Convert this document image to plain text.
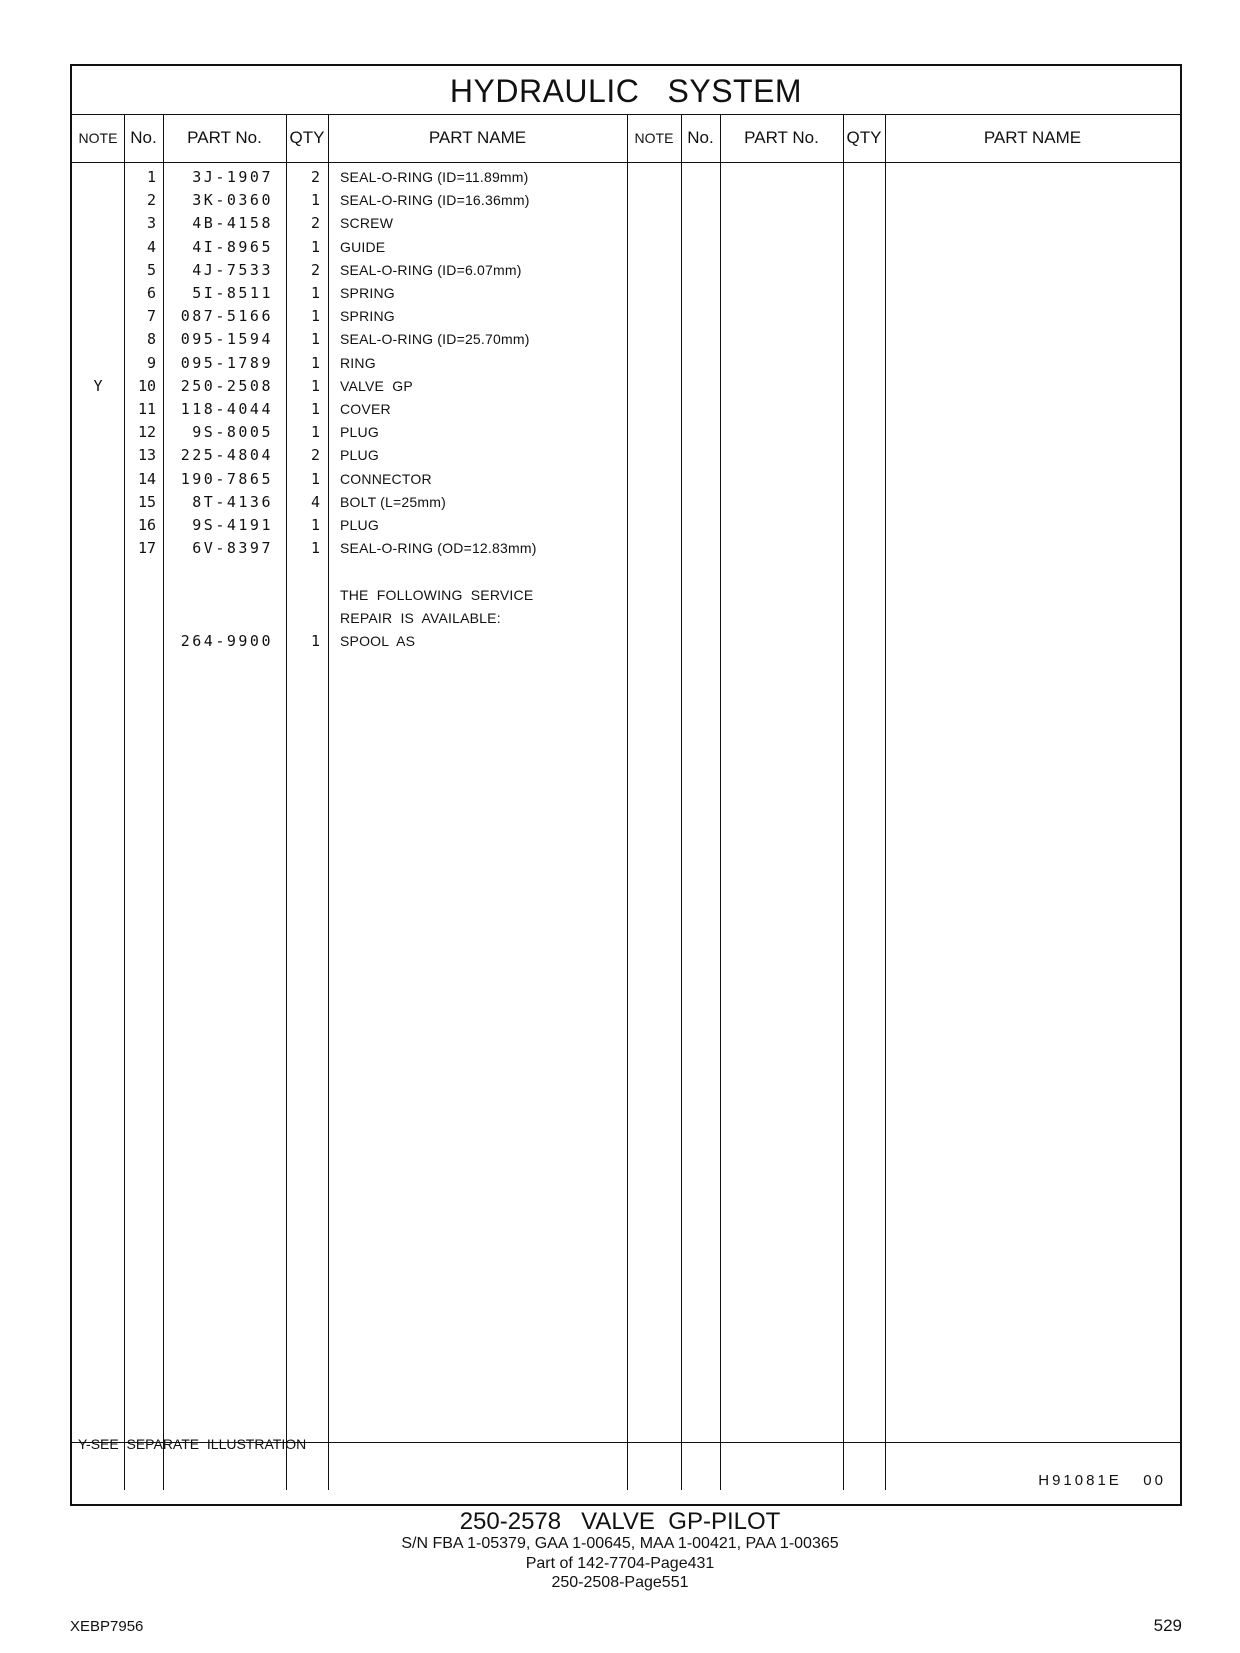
HYDRAULIC   SYSTEM
NOTE No.	PART No.	QTY	PART NAME	NOTE No.	PART No.	QTY	PART NAME
1	3J-1907	2 SEAL-O-RING (ID=11.89mm)
2	3K-0360	1 SEAL-O-RING (ID=16.36mm)
3	4B-4158	2 SCREW
4	4I-8965	1 GUIDE
5	4J-7533	2 SEAL-O-RING (ID=6.07mm)
6	5I-8511	1 SPRING
7	087-5166	1 SPRING
8	095-1594	1 SEAL-O-RING (ID=25.70mm)
9	095-1789	1 RING
Y	10	250-2508	1 VALVE  GP
11	118-4044	1 COVER
12	9S-8005	1 PLUG
13	225-4804	2 PLUG
14	190-7865	1 CONNECTOR
15	8T-4136	4 BOLT (L=25mm)
16	9S-4191	1 PLUG
17	6V-8397	1 SEAL-O-RING (OD=12.83mm)
THE  FOLLOWING  SERVICE
REPAIR  IS  AVAILABLE:
264-9900	1 SPOOL  AS
Y-SEE  SEPARATE  ILLUSTRATION
H91081E   00
250-2578   VALVE  GP-PILOT
S/N FBA 1-05379, GAA 1-00645, MAA 1-00421, PAA 1-00365
Part of 142-7704-Page431
250-2508-Page551
XEBP7956	529
